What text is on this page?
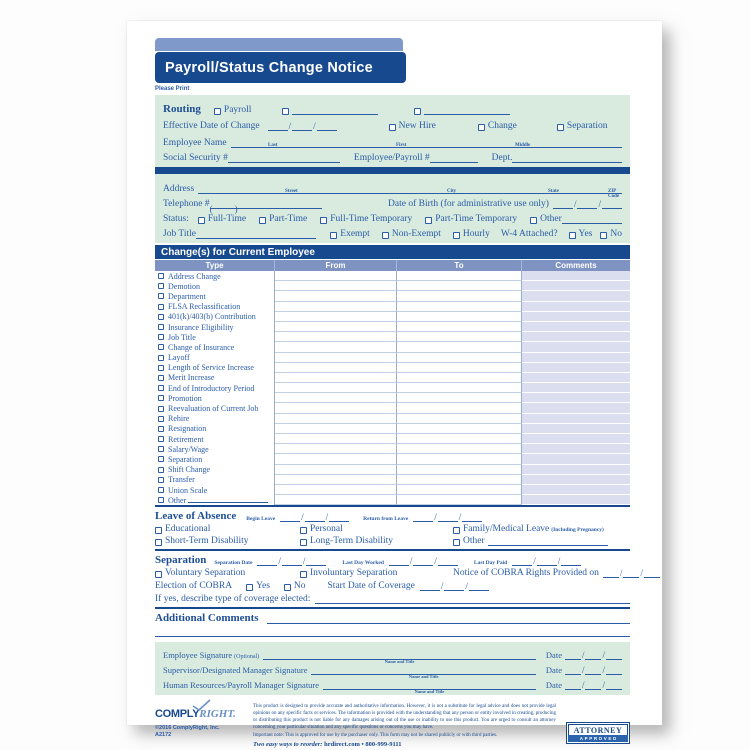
Payroll/Status Change Notice
Please Print
Routing Payroll
Effective Date of Change	/ /	New Hire	Change	Separation
Employee Name	Last	First	Middle
Social Security #	Employee/Payroll #	Dept.
Address	Street	City	State	ZIP Code
Telephone # ( )	Date of Birth (for administrative use only)	/ /
Status: Full-Time Part-Time Full-Time Temporary Part-Time Temporary Other
Job Title	Exempt Non-Exempt Hourly W-4 Attached? Yes No
Change(s) for Current Employee
Type	From	To	Comments
Address Change
Demotion
Department
FLSA Reclassification
401(k)/403(b) Contribution
Insurance Eligibility
Job Title
Change of Insurance
Layoff
Length of Service Increase
Merit Increase
End of Introductory Period
Promotion
Reevaluation of Current Job
Rehire
Resignation
Retirement
Salary/Wage
Separation
Shift Change
Transfer
Union Scale
Other
Leave of Absence Begin Leave	/ /	Return from Leave	/ /
Educational	Personal	Family/Medical Leave (Including Pregnancy)
Short-Term Disability	Long-Term Disability	Other
Separation Separation Date	/ /	Last Day Worked	/ /	Last Day Paid	/ /
Voluntary Separation	Involuntary Separation	Notice of COBRA Rights Provided on / /
Election of COBRA	Yes	No Start Date of Coverage	/ /
If yes, describe type of coverage elected:
Additional Comments
Employee Signature (Optional)
Name and Title
Date / /
Supervisor/Designated Manager Signature
Name and Title
Date / /
Human Resources/Payroll Manager Signature
Name and Title
Date / /
COMPLYRIGHT.
©2016 ComplyRight, Inc.
A2172
This product is designed to provide accurate and authoritative information. However, it is not a substitute for legal advice and does not provide legal opinions on any specific facts or services. The information is provided with the understanding that any person or entity involved in creating, producing or distributing this product is not liable for any damages arising out of the use or inability to use this product. You are urged to consult an attorney concerning your particular situation and any specific questions or concerns you may have.
Important note: This is approved for use by the purchaser only. This form may not be shared publicly or with third parties.
Two easy ways to reorder: hrdirect.com • 800-999-9111
ATTORNEY
APPROVED
